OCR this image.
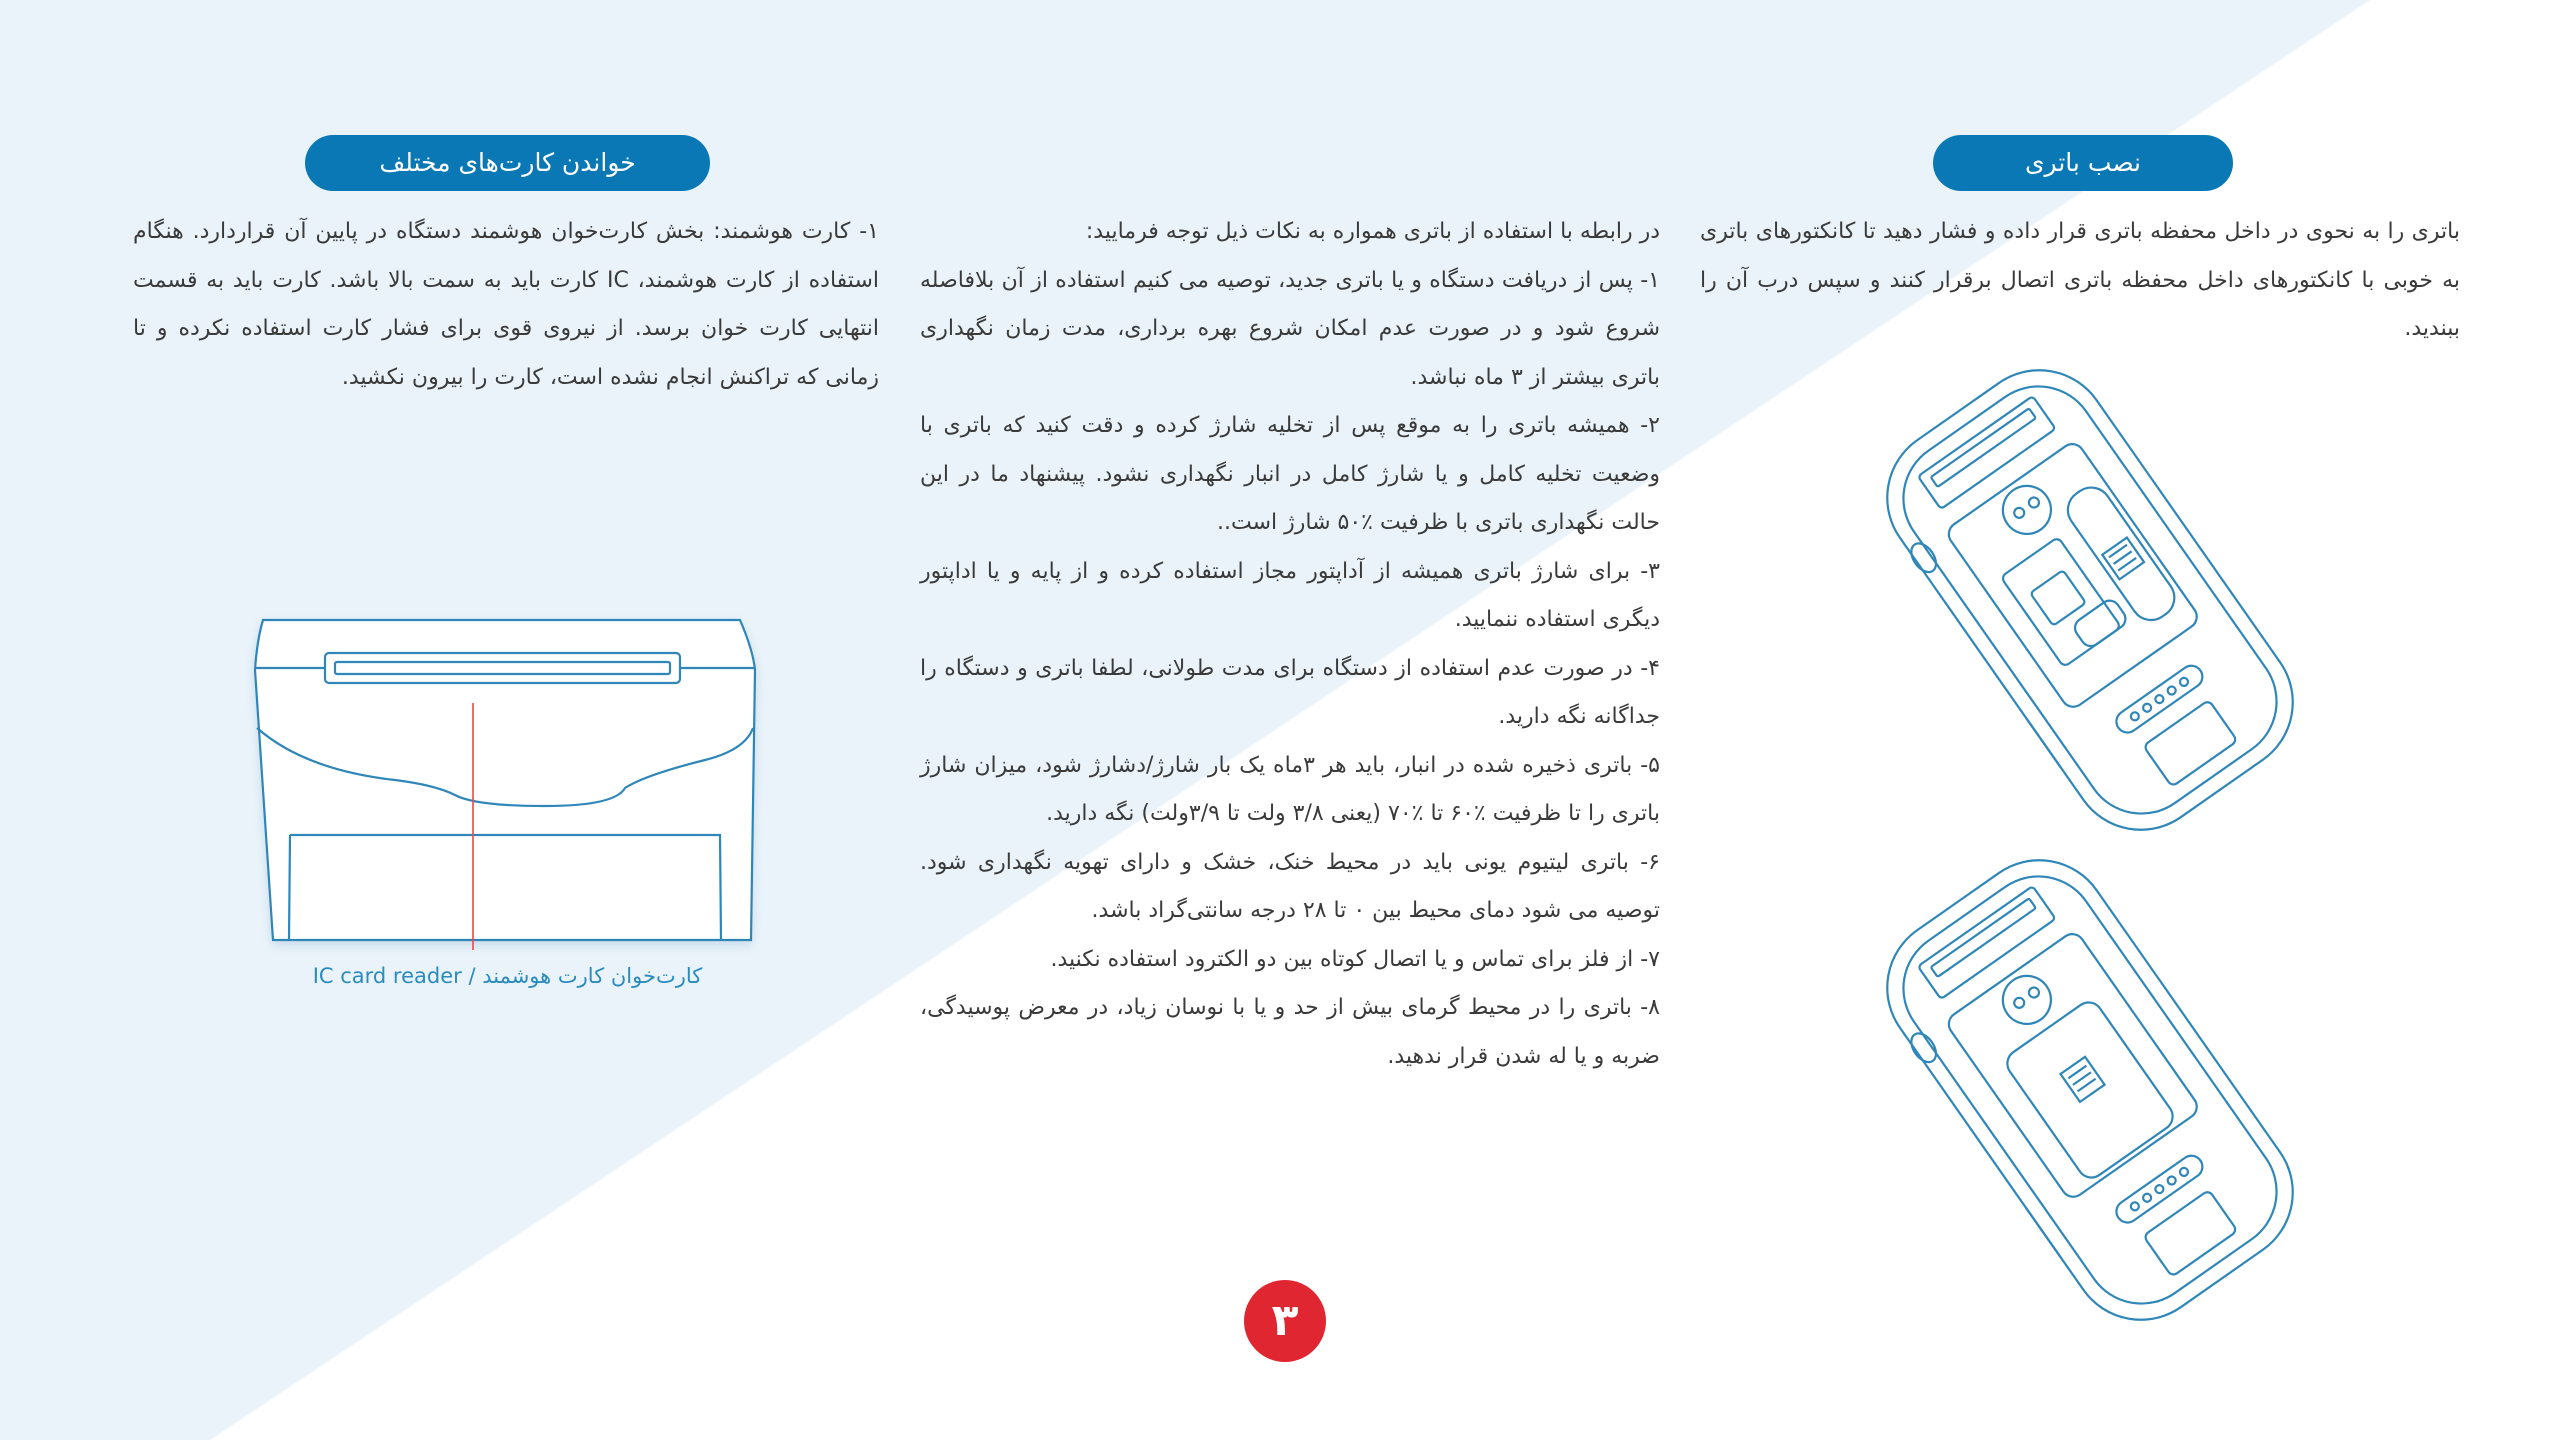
نصب باتری
باتری را به نحوی در داخل محفظه باتری قرار داده و فشار دهید تا کانکتورهای باتری به خوبی با کانکتورهای داخل محفظه باتری اتصال برقرار کنند و سپس درب آن را ببندید.

در رابطه با استفاده از باتری همواره به نکات ذیل توجه فرمایید:

۱- پس از دریافت دستگاه و یا باتری جدید، توصیه می کنیم استفاده از آن بلافاصله شروع شود و در صورت عدم امکان شروع بهره برداری، مدت زمان نگهداری باتری بیشتر از ۳ ماه نباشد.

۲- همیشه باتری را به موقع پس از تخلیه شارژ کرده و دقت کنید که باتری با وضعیت تخلیه کامل و یا شارژ کامل در انبار نگهداری نشود. پیشنهاد ما در این حالت نگهداری باتری با ظرفیت ٪۵۰ شارژ است..

۳- برای شارژ باتری همیشه از آداپتور مجاز استفاده کرده و از پایه و یا اداپتور دیگری استفاده ننمایید.

۴- در صورت عدم استفاده از دستگاه برای مدت طولانی، لطفا باتری و دستگاه را جداگانه نگه دارید.

۵- باتری ذخیره شده در انبار، باید هر ۳ماه یک بار شارژ/دشارژ شود، میزان شارژ باتری را تا ظرفیت ٪۶۰ تا ٪۷۰ (یعنی ۳/۸ ولت تا ۳/۹ولت) نگه دارید.

۶- باتری لیتیوم یونی باید در محیط خنک، خشک و دارای تهویه نگهداری شود. توصیه می شود دمای محیط بین ۰ تا ۲۸ درجه سانتی‌گراد باشد.

۷- از فلز برای تماس و یا اتصال کوتاه بین دو الکترود استفاده نکنید.

۸- باتری را در محیط گرمای بیش از حد و یا با نوسان زیاد، در معرض پوسیدگی، ضربه و یا له شدن قرار ندهید.

خواندن کارت‌های مختلف
۱- کارت هوشمند: بخش کارت‌خوان هوشمند دستگاه در پایین آن قراردارد. هنگام استفاده از کارت هوشمند، IC کارت باید به سمت بالا باشد. کارت باید به قسمت انتهایی کارت خوان برسد. از نیروی قوی برای فشار کارت استفاده نکرده و تا زمانی که تراکنش انجام نشده است، کارت را بیرون نکشید.
کارت‌خوان کارت هوشمند / IC card reader
۳
